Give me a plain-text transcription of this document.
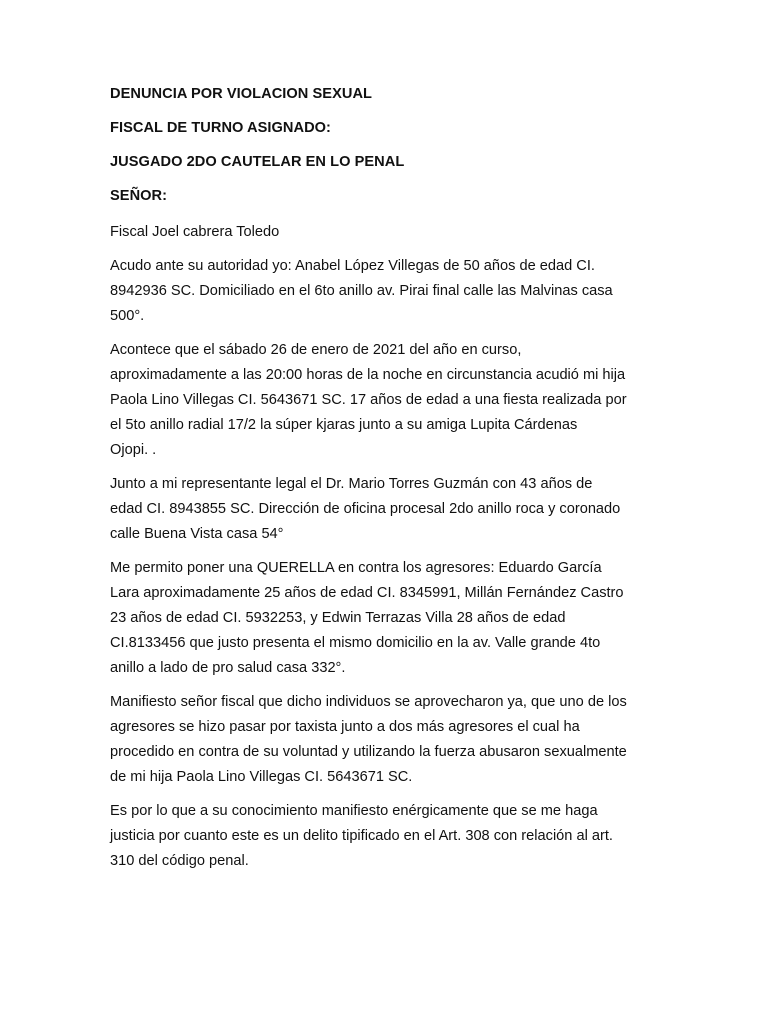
DENUNCIA POR VIOLACION SEXUAL
FISCAL DE TURNO ASIGNADO:
JUSGADO 2DO CAUTELAR EN LO PENAL
SEÑOR:
Fiscal Joel cabrera Toledo
Acudo ante su autoridad yo: Anabel López Villegas de 50 años de edad CI.
8942936 SC. Domiciliado en el 6to anillo av. Pirai final calle las Malvinas casa
500°.
Acontece que el sábado 26 de enero de 2021 del año en curso,
aproximadamente a las 20:00 horas de la noche en circunstancia acudió mi hija
Paola Lino Villegas CI. 5643671 SC. 17 años de edad a una fiesta realizada por
el 5to anillo radial 17/2 la súper kjaras junto a su amiga Lupita Cárdenas
Ojopi. .
Junto a mi representante legal el Dr. Mario Torres Guzmán con 43 años de
edad CI. 8943855 SC. Dirección de oficina procesal 2do anillo roca y coronado
calle Buena Vista casa 54°
Me permito poner una QUERELLA en contra los agresores: Eduardo García
Lara aproximadamente 25 años de edad CI. 8345991, Millán Fernández Castro
23 años de edad CI. 5932253, y Edwin Terrazas Villa 28 años de edad
CI.8133456 que justo presenta el mismo domicilio en la av. Valle grande 4to
anillo a lado de pro salud casa 332°.
Manifiesto señor fiscal que dicho individuos se aprovecharon ya, que uno de los
agresores se hizo pasar por taxista junto a dos más agresores el cual ha
procedido en contra de su voluntad y utilizando la fuerza abusaron sexualmente
de mi hija Paola Lino Villegas CI. 5643671 SC.
Es por lo que a su conocimiento manifiesto enérgicamente que se me haga
justicia por cuanto este es un delito tipificado en el Art. 308 con relación al art.
310 del código penal.
